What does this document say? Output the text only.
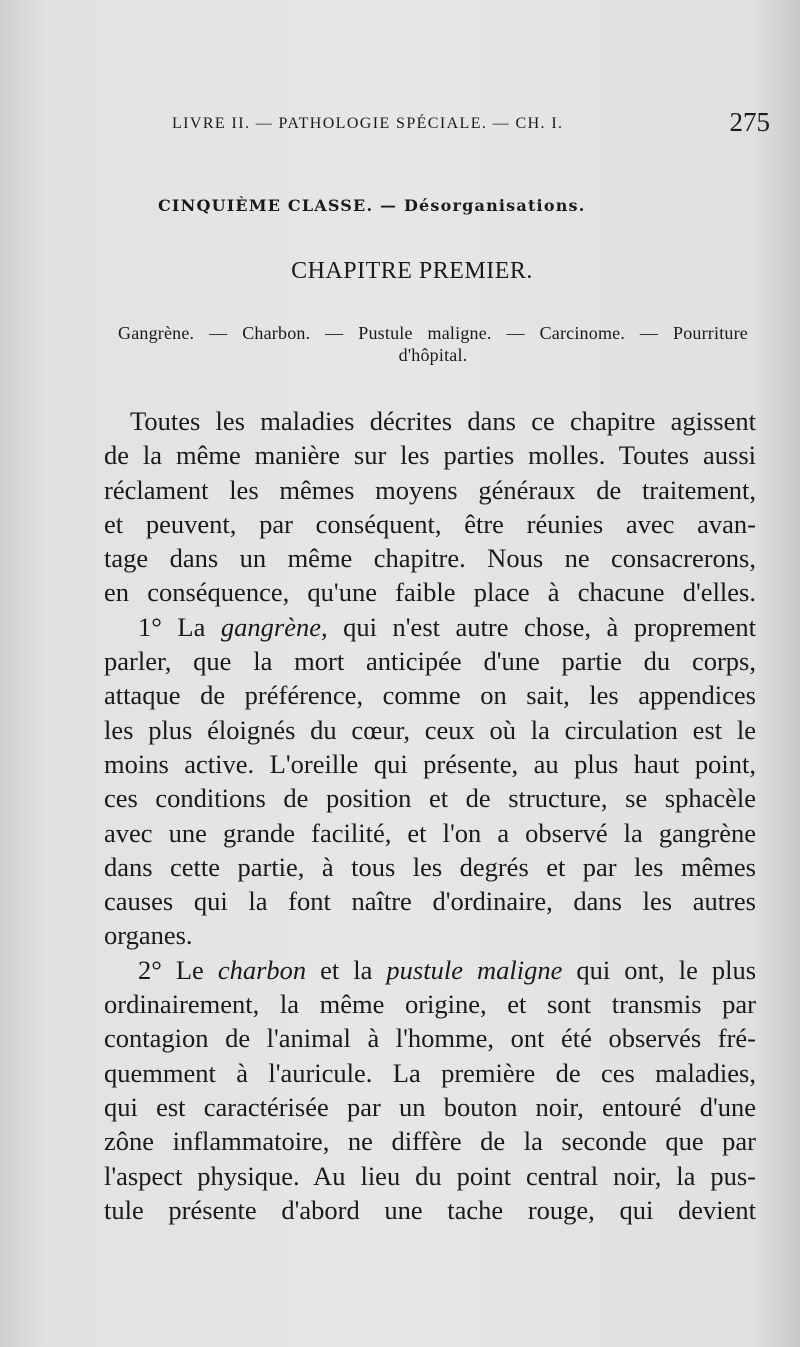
LIVRE II. — PATHOLOGIE SPÉCIALE. — CH. I.	275
CINQUIÈME CLASSE. — Désorganisations.
CHAPITRE PREMIER.
Gangrène. — Charbon. — Pustule maligne. — Carcinome. — Pourriture
d'hôpital.
Toutes les maladies décrites dans ce chapitre agissent
de la même manière sur les parties molles. Toutes aussi
réclament les mêmes moyens généraux de traitement,
et peuvent, par conséquent, être réunies avec avan-
tage dans un même chapitre. Nous ne consacrerons,
en conséquence, qu'une faible place à chacune d'elles.
1° La gangrène, qui n'est autre chose, à proprement
parler, que la mort anticipée d'une partie du corps,
attaque de préférence, comme on sait, les appendices
les plus éloignés du cœur, ceux où la circulation est le
moins active. L'oreille qui présente, au plus haut point,
ces conditions de position et de structure, se sphacèle
avec une grande facilité, et l'on a observé la gangrène
dans cette partie, à tous les degrés et par les mêmes
causes qui la font naître d'ordinaire, dans les autres
organes.
2° Le charbon et la pustule maligne qui ont, le plus
ordinairement, la même origine, et sont transmis par
contagion de l'animal à l'homme, ont été observés fré-
quemment à l'auricule. La première de ces maladies,
qui est caractérisée par un bouton noir, entouré d'une
zône inflammatoire, ne diffère de la seconde que par
l'aspect physique. Au lieu du point central noir, la pus-
tule présente d'abord une tache rouge, qui devient
